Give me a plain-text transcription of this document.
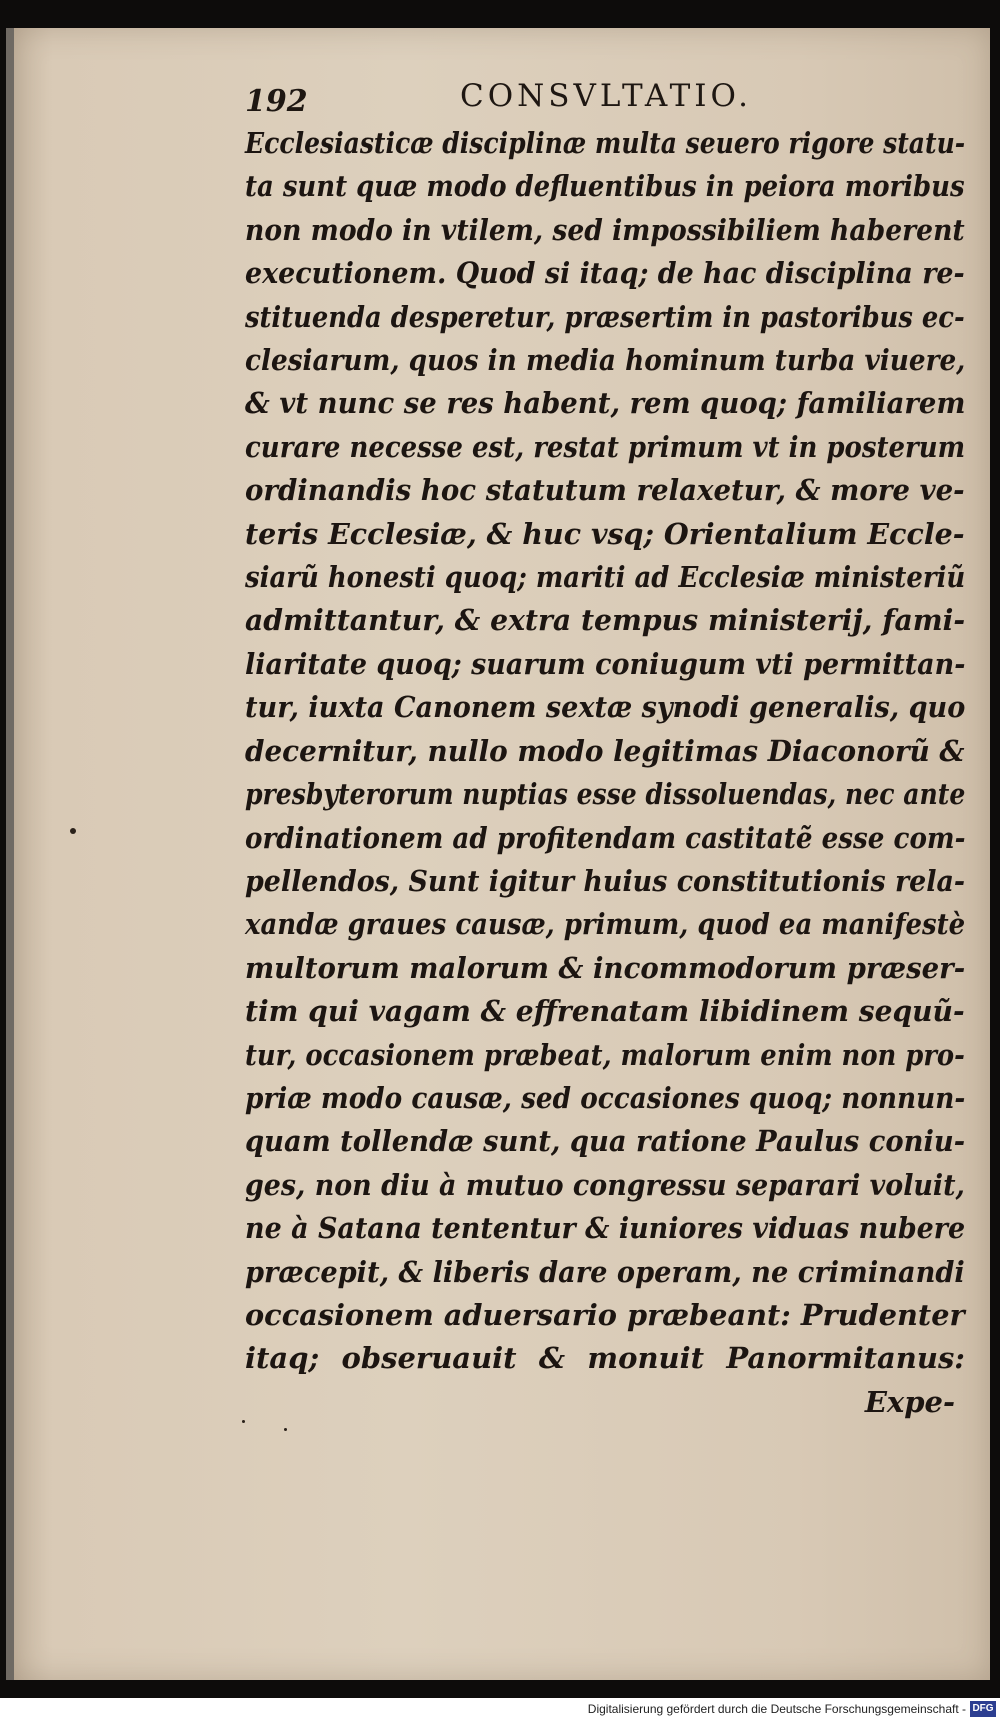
192	CONSVLTATIO.
Ecclesiasticæ disciplinæ multa seuero rigore statu-
ta sunt quæ modo defluentibus in peiora moribus
non modo in vtilem, sed impossibiliem haberent
executionem. Quod si itaq; de hac disciplina re-
stituenda desperetur, præsertim in pastoribus ec-
clesiarum, quos in media hominum turba viuere,
& vt nunc se res habent, rem quoq; familiarem
curare necesse est, restat primum vt in posterum
ordinandis hoc statutum relaxetur, & more ve-
teris Ecclesiæ, & huc vsq; Orientalium Eccle-
siarũ honesti quoq; mariti ad Ecclesiæ ministeriũ
admittantur, & extra tempus ministerij, fami-
liaritate quoq; suarum coniugum vti permittan-
tur, iuxta Canonem sextæ synodi generalis, quo
decernitur, nullo modo legitimas Diaconorũ &
presbyterorum nuptias esse dissoluendas, nec ante
ordinationem ad profitendam castitatẽ esse com-
pellendos, Sunt igitur huius constitutionis rela-
xandæ graues causæ, primum, quod ea manifestè
multorum malorum & incommodorum præser-
tim qui vagam & effrenatam libidinem sequũ-
tur, occasionem præbeat, malorum enim non pro-
priæ modo causæ, sed occasiones quoq; nonnun-
quam tollendæ sunt, qua ratione Paulus coniu-
ges, non diu à mutuo congressu separari voluit,
ne à Satana tententur & iuniores viduas nubere
præcepit, & liberis dare operam, ne criminandi
occasionem aduersario præbeant: Prudenter
itaq; obseruauit & monuit Panormitanus:
Expe-
Digitalisierung gefördert durch die Deutsche Forschungsgemeinschaft - DFG
